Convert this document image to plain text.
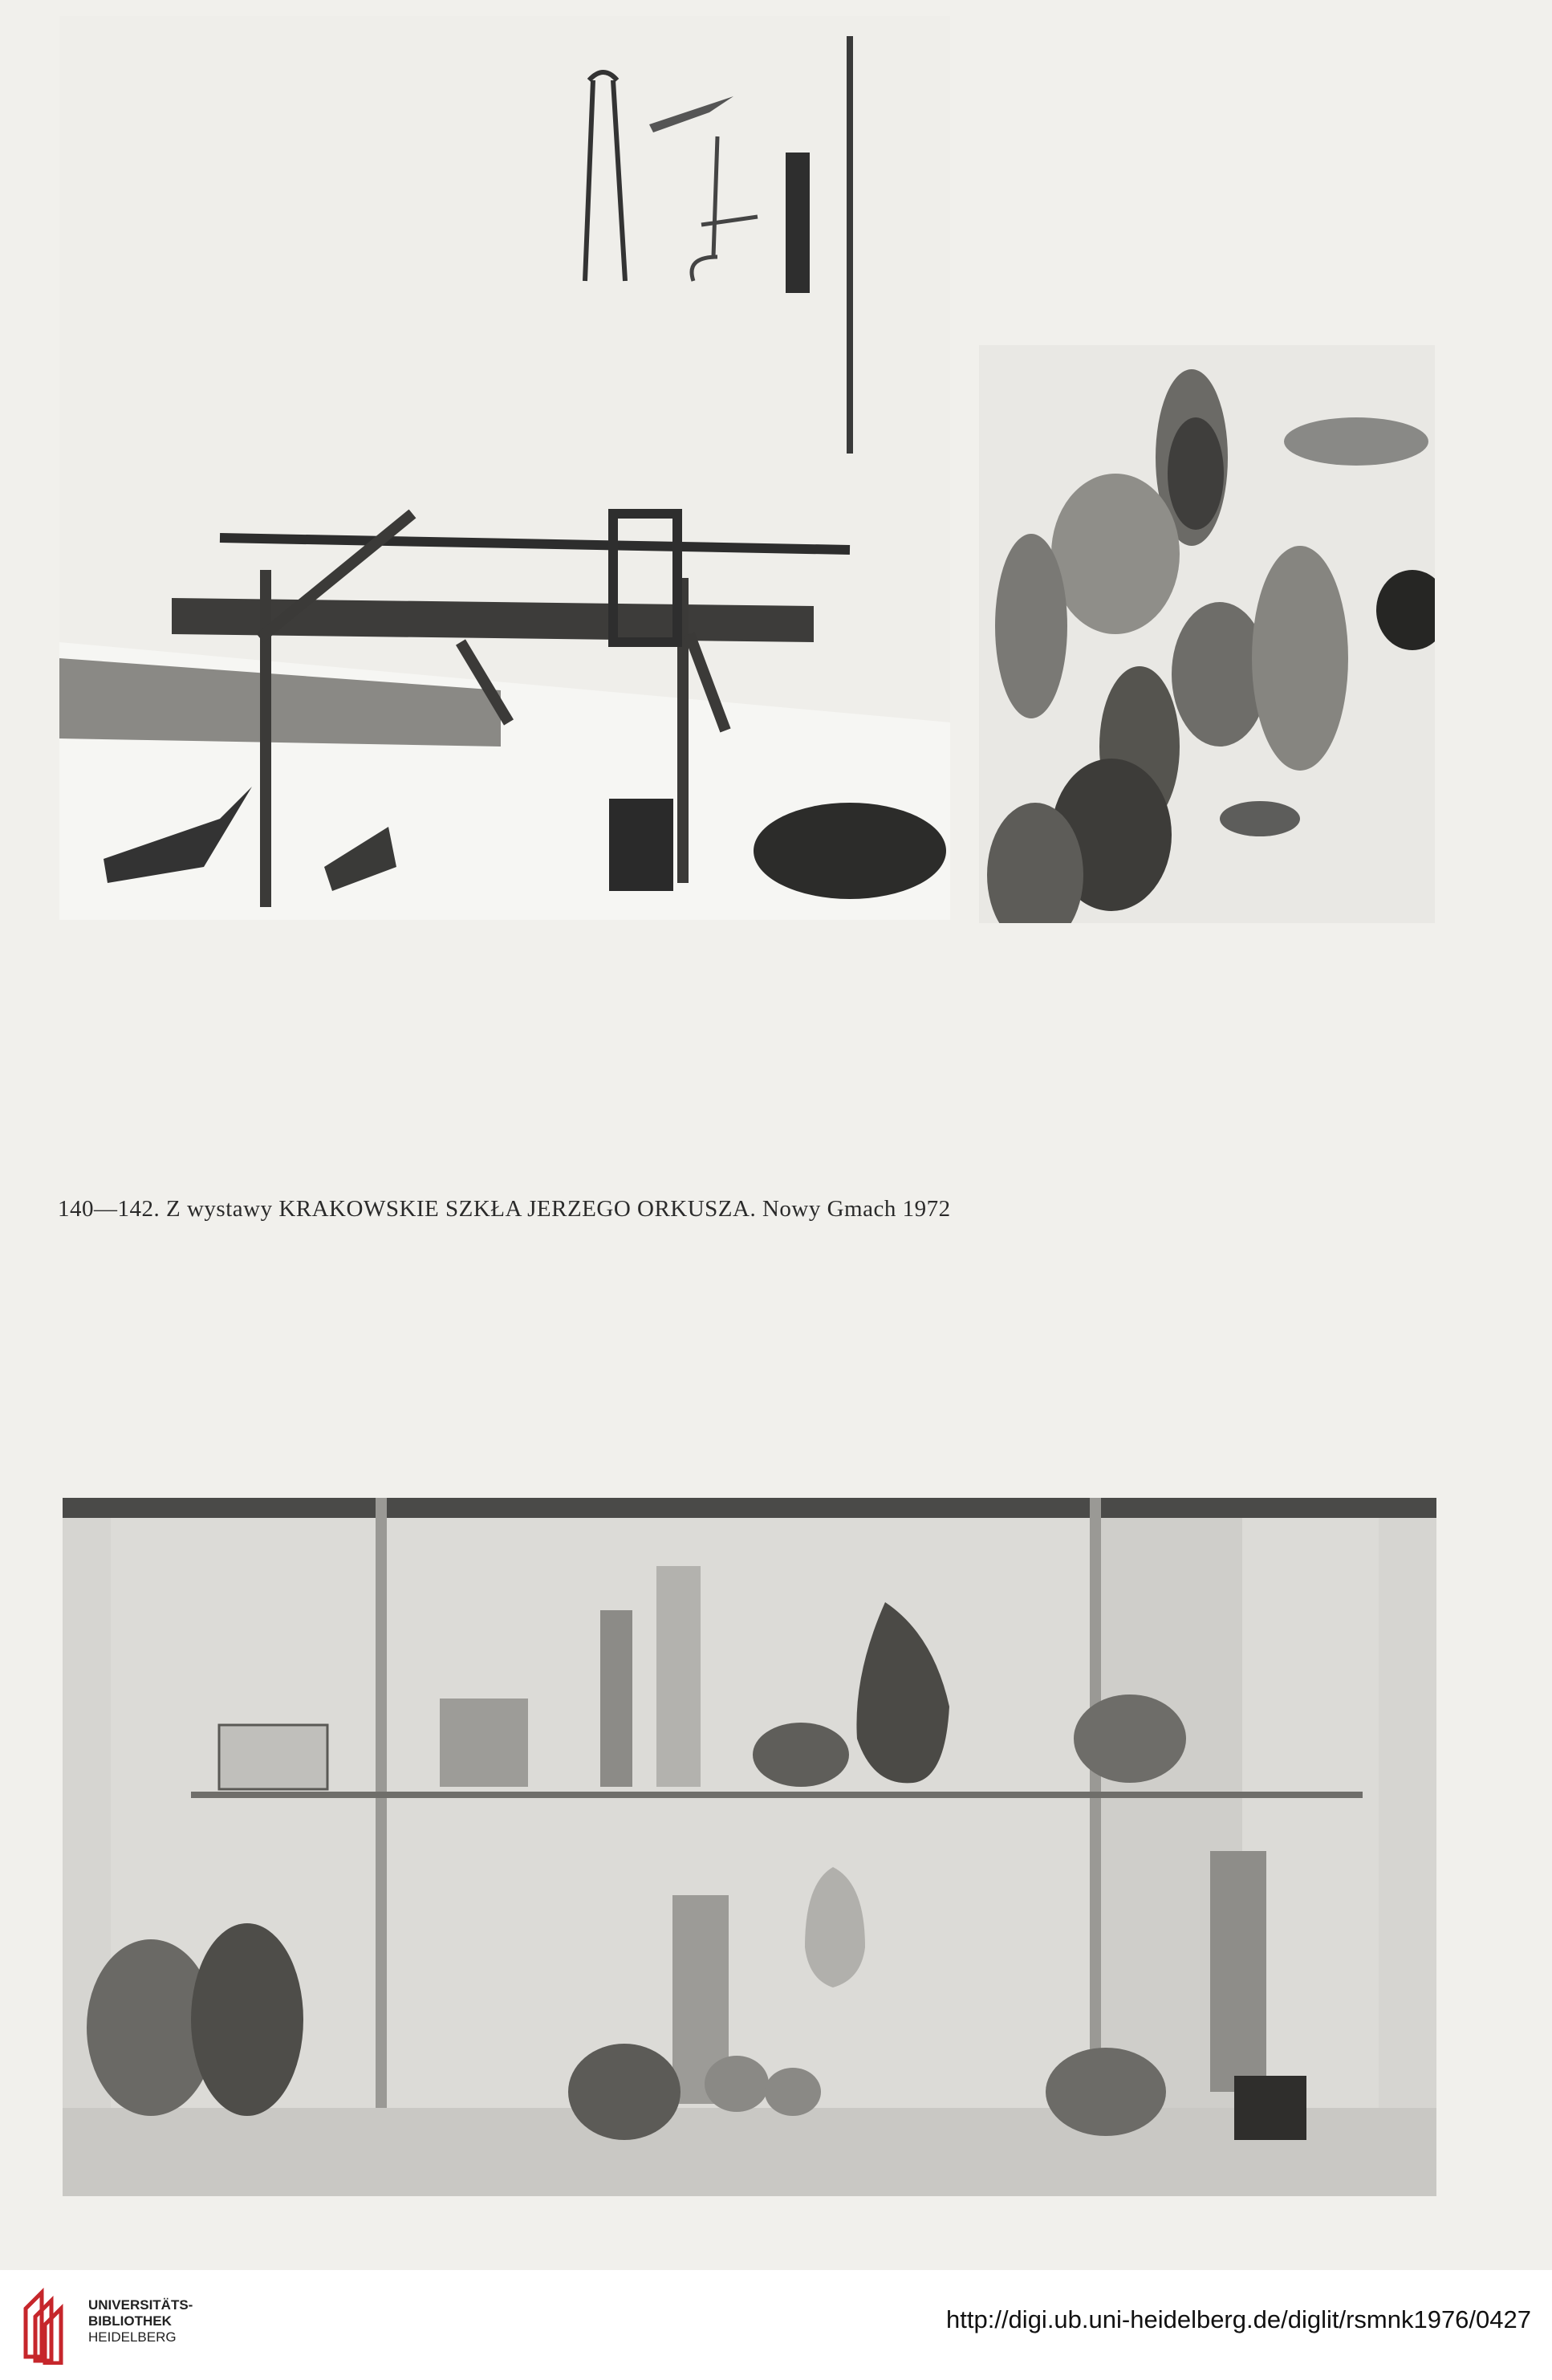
140—142. Z wystawy KRAKOWSKIE SZKŁA JERZEGO ORKUSZA. Nowy Gmach 1972
UNIVERSITÄTS-
BIBLIOTHEK
HEIDELBERG
http://digi.ub.uni-heidelberg.de/diglit/rsmnk1976/0427
